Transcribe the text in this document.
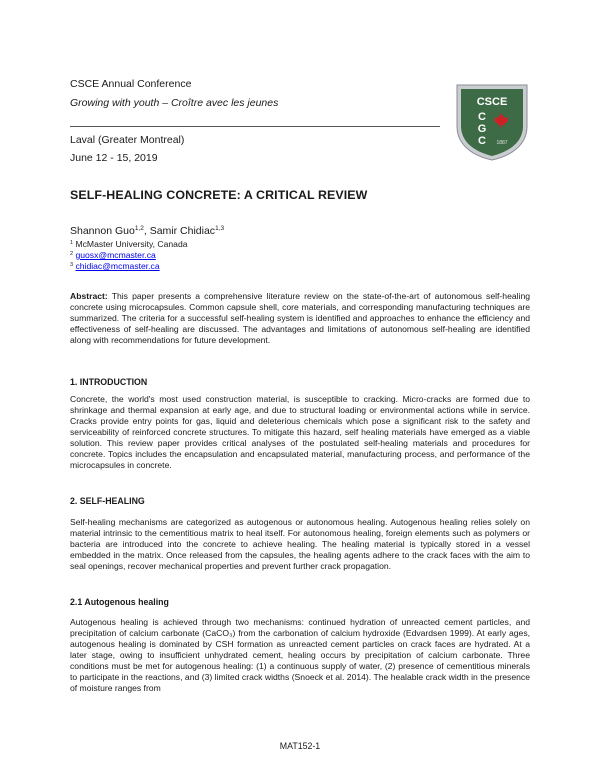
CSCE Annual Conference
Growing with youth – Croître avec les jeunes
Laval (Greater Montreal)
June 12 - 15, 2019
CSCE
C
G
C 1887
SELF-HEALING CONCRETE: A CRITICAL REVIEW
Shannon Guo$^{1,2}$, Samir Chidiac$^{1,3}$
$^1$ McMaster University, Canada
$^2$ guosx@mcmaster.ca
$^3$ chidiac@mcmaster.ca
Abstract: This paper presents a comprehensive literature review on the state-of-the-art of autonomous self-healing concrete using microcapsules. Common capsule shell, core materials, and corresponding manufacturing techniques are summarized. The criteria for a successful self-healing system is identified and approaches to enhance the efficiency and effectiveness of self-healing are discussed. The advantages and limitations of autonomous self-healing are identified along with recommendations for future development.
1. INTRODUCTION
Concrete, the world's most used construction material, is susceptible to cracking. Micro-cracks are formed due to shrinkage and thermal expansion at early age, and due to structural loading or environmental actions while in service. Cracks provide entry points for gas, liquid and deleterious chemicals which pose a significant risk to the safety and serviceability of reinforced concrete structures. To mitigate this hazard, self healing materials have emerged as a viable solution. This review paper provides critical analyses of the postulated self-healing materials and procedures for concrete. Topics includes the encapsulation and encapsulated material, manufacturing process, and performance of the microcapsules in concrete.
2. SELF-HEALING
Self-healing mechanisms are categorized as autogenous or autonomous healing. Autogenous healing relies solely on material intrinsic to the cementitious matrix to heal itself. For autonomous healing, foreign elements such as polymers or bacteria are introduced into the concrete to achieve healing. The healing material is typically stored in a vessel embedded in the matrix. Once released from the capsules, the healing agents adhere to the crack faces with the aim to seal openings, recover mechanical properties and prevent further crack propagation.
2.1 Autogenous healing
Autogenous healing is achieved through two mechanisms: continued hydration of unreacted cement particles, and precipitation of calcium carbonate (CaCO₃) from the carbonation of calcium hydroxide (Edvardsen 1999). At early ages, autogenous healing is dominated by CSH formation as unreacted cement particles on crack faces are hydrated. At a later stage, owing to insufficient unhydrated cement, healing occurs by precipitation of calcium carbonate. Three conditions must be met for autogenous healing: (1) a continuous supply of water, (2) presence of cementitious minerals to participate in the reactions, and (3) limited crack widths (Snoeck et al. 2014). The healable crack width in the presence of moisture ranges from
MAT152-1
